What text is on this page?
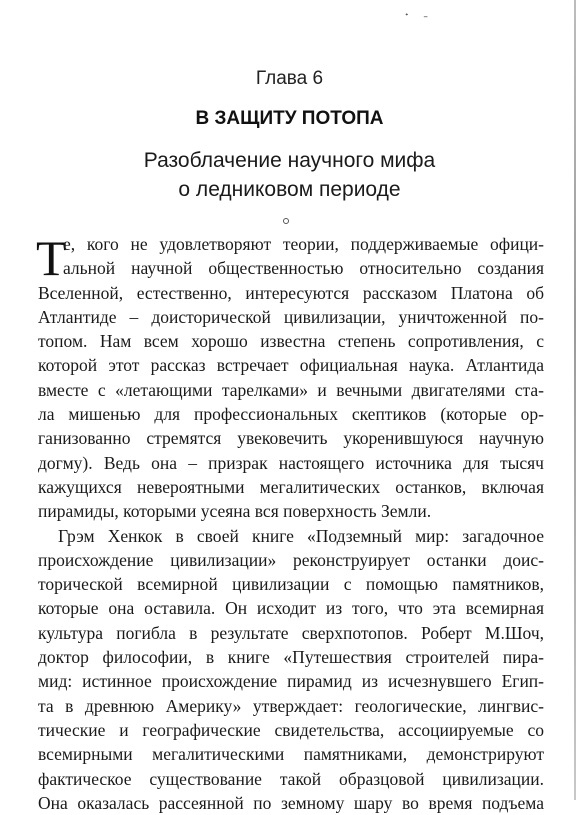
ᐩ –
Глава 6
В ЗАЩИТУ ПОТОПА
Разоблачение научного мифа
о ледниковом периоде
Т
е, кого не удовлетворяют теории, поддерживаемые офици-
альной научной общественностью относительно создания
Вселенной, естественно, интересуются рассказом Платона об
Атлантиде – доисторической цивилизации, уничтоженной по-
топом. Нам всем хорошо известна степень сопротивления, с
которой этот рассказ встречает официальная наука. Атлантида
вместе с «летающими тарелками» и вечными двигателями ста-
ла мишенью для профессиональных скептиков (которые ор-
ганизованно стремятся увековечить укоренившуюся научную
догму). Ведь она – призрак настоящего источника для тысяч
кажущихся невероятными мегалитических останков, включая
пирамиды, которыми усеяна вся поверхность Земли.
Грэм Хенкок в своей книге «Подземный мир: загадочное
происхождение цивилизации» реконструирует останки доис-
торической всемирной цивилизации с помощью памятников,
которые она оставила. Он исходит из того, что эта всемирная
культура погибла в результате сверхпотопов. Роберт М.Шоч,
доктор философии, в книге «Путешествия строителей пира-
мид: истинное происхождение пирамид из исчезнувшего Егип-
та в древнюю Америку» утверждает: геологические, лингвис-
тические и географические свидетельства, ассоциируемые со
всемирными мегалитическими памятниками, демонстрируют
фактическое существование такой образцовой цивилизации.
Она оказалась рассеянной по земному шару во время подъема
